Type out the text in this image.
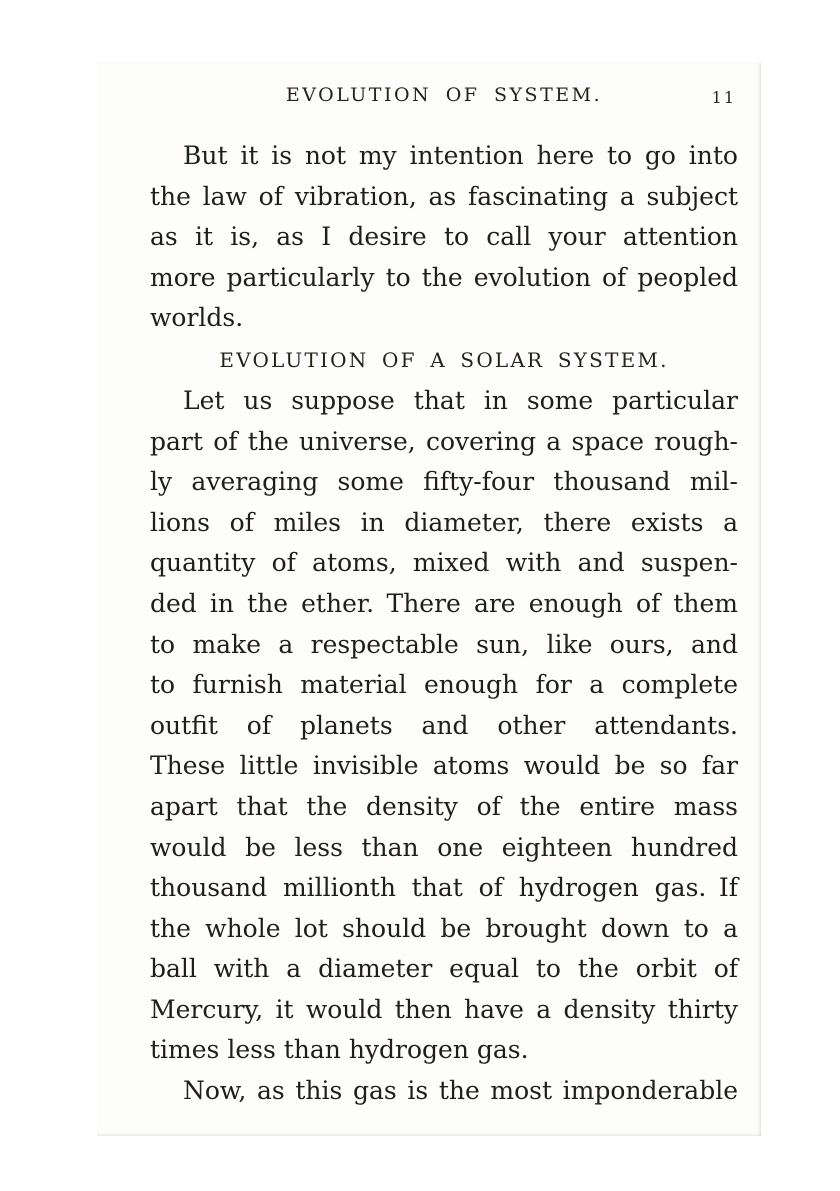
EVOLUTION OF SYSTEM.	11
But it is not my intention here to go into
the law of vibration, as fascinating a subject
as it is, as I desire to call your attention
more particularly to the evolution of peopled
worlds.
EVOLUTION OF A SOLAR SYSTEM.
Let us suppose that in some particular
part of the universe, covering a space rough-
ly averaging some fifty-four thousand mil-
lions of miles in diameter, there exists a
quantity of atoms, mixed with and suspen-
ded in the ether. There are enough of them
to make a respectable sun, like ours, and
to furnish material enough for a complete
outfit of planets and other attendants.
These little invisible atoms would be so far
apart that the density of the entire mass
would be less than one eighteen hundred
thousand millionth that of hydrogen gas. If
the whole lot should be brought down to a
ball with a diameter equal to the orbit of
Mercury, it would then have a density thirty
times less than hydrogen gas.
Now, as this gas is the most imponderable
